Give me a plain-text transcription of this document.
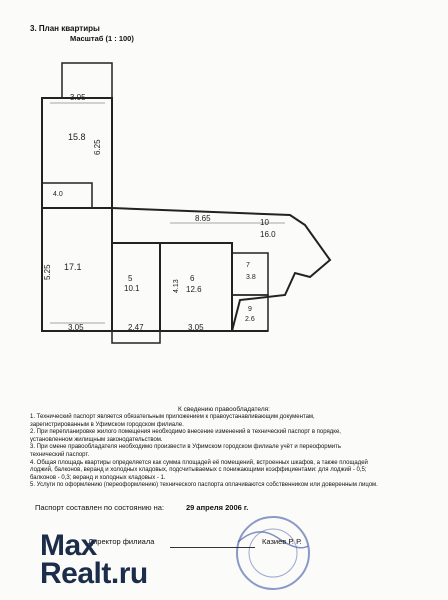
3. План квартиры
Масштаб (1 : 100)
3.05
15.8
6.25
4.0
17.1
5.25
3.05
8.65	10
16.0
5
10.1
2.47
6
12.6
4.13
3.05
7
3.8
9
2.6
К сведению правообладателя:

1. Технический паспорт является обязательным приложением к правоустанавливающим документам,

зарегистрированным в Уфимском городском филиале.

2. При перепланировке жилого помещения необходимо внесение изменений в технический паспорт в порядке,

установленном жилищным законодательством.

3. При смене правообладателя необходимо произвести в Уфимском городском филиале учёт и переоформить

технический паспорт.

4. Общая площадь квартиры определяется как сумма площадей её помещений, встроенных шкафов, а также площадей

лоджий, балконов, веранд и холодных кладовых, подсчитываемых с понижающими коэффициентами: для лоджий - 0,5;

балконов - 0,3; веранд и холодных кладовых - 1.

5. Услуги по оформлению (переоформлению) технического паспорта оплачиваются собственником или доверенным лицом.

Паспорт составлен по состоянию на:	29 апреля 2006 г.
Директор филиала	Казиев Р. Р.
Max
Realt.ru
